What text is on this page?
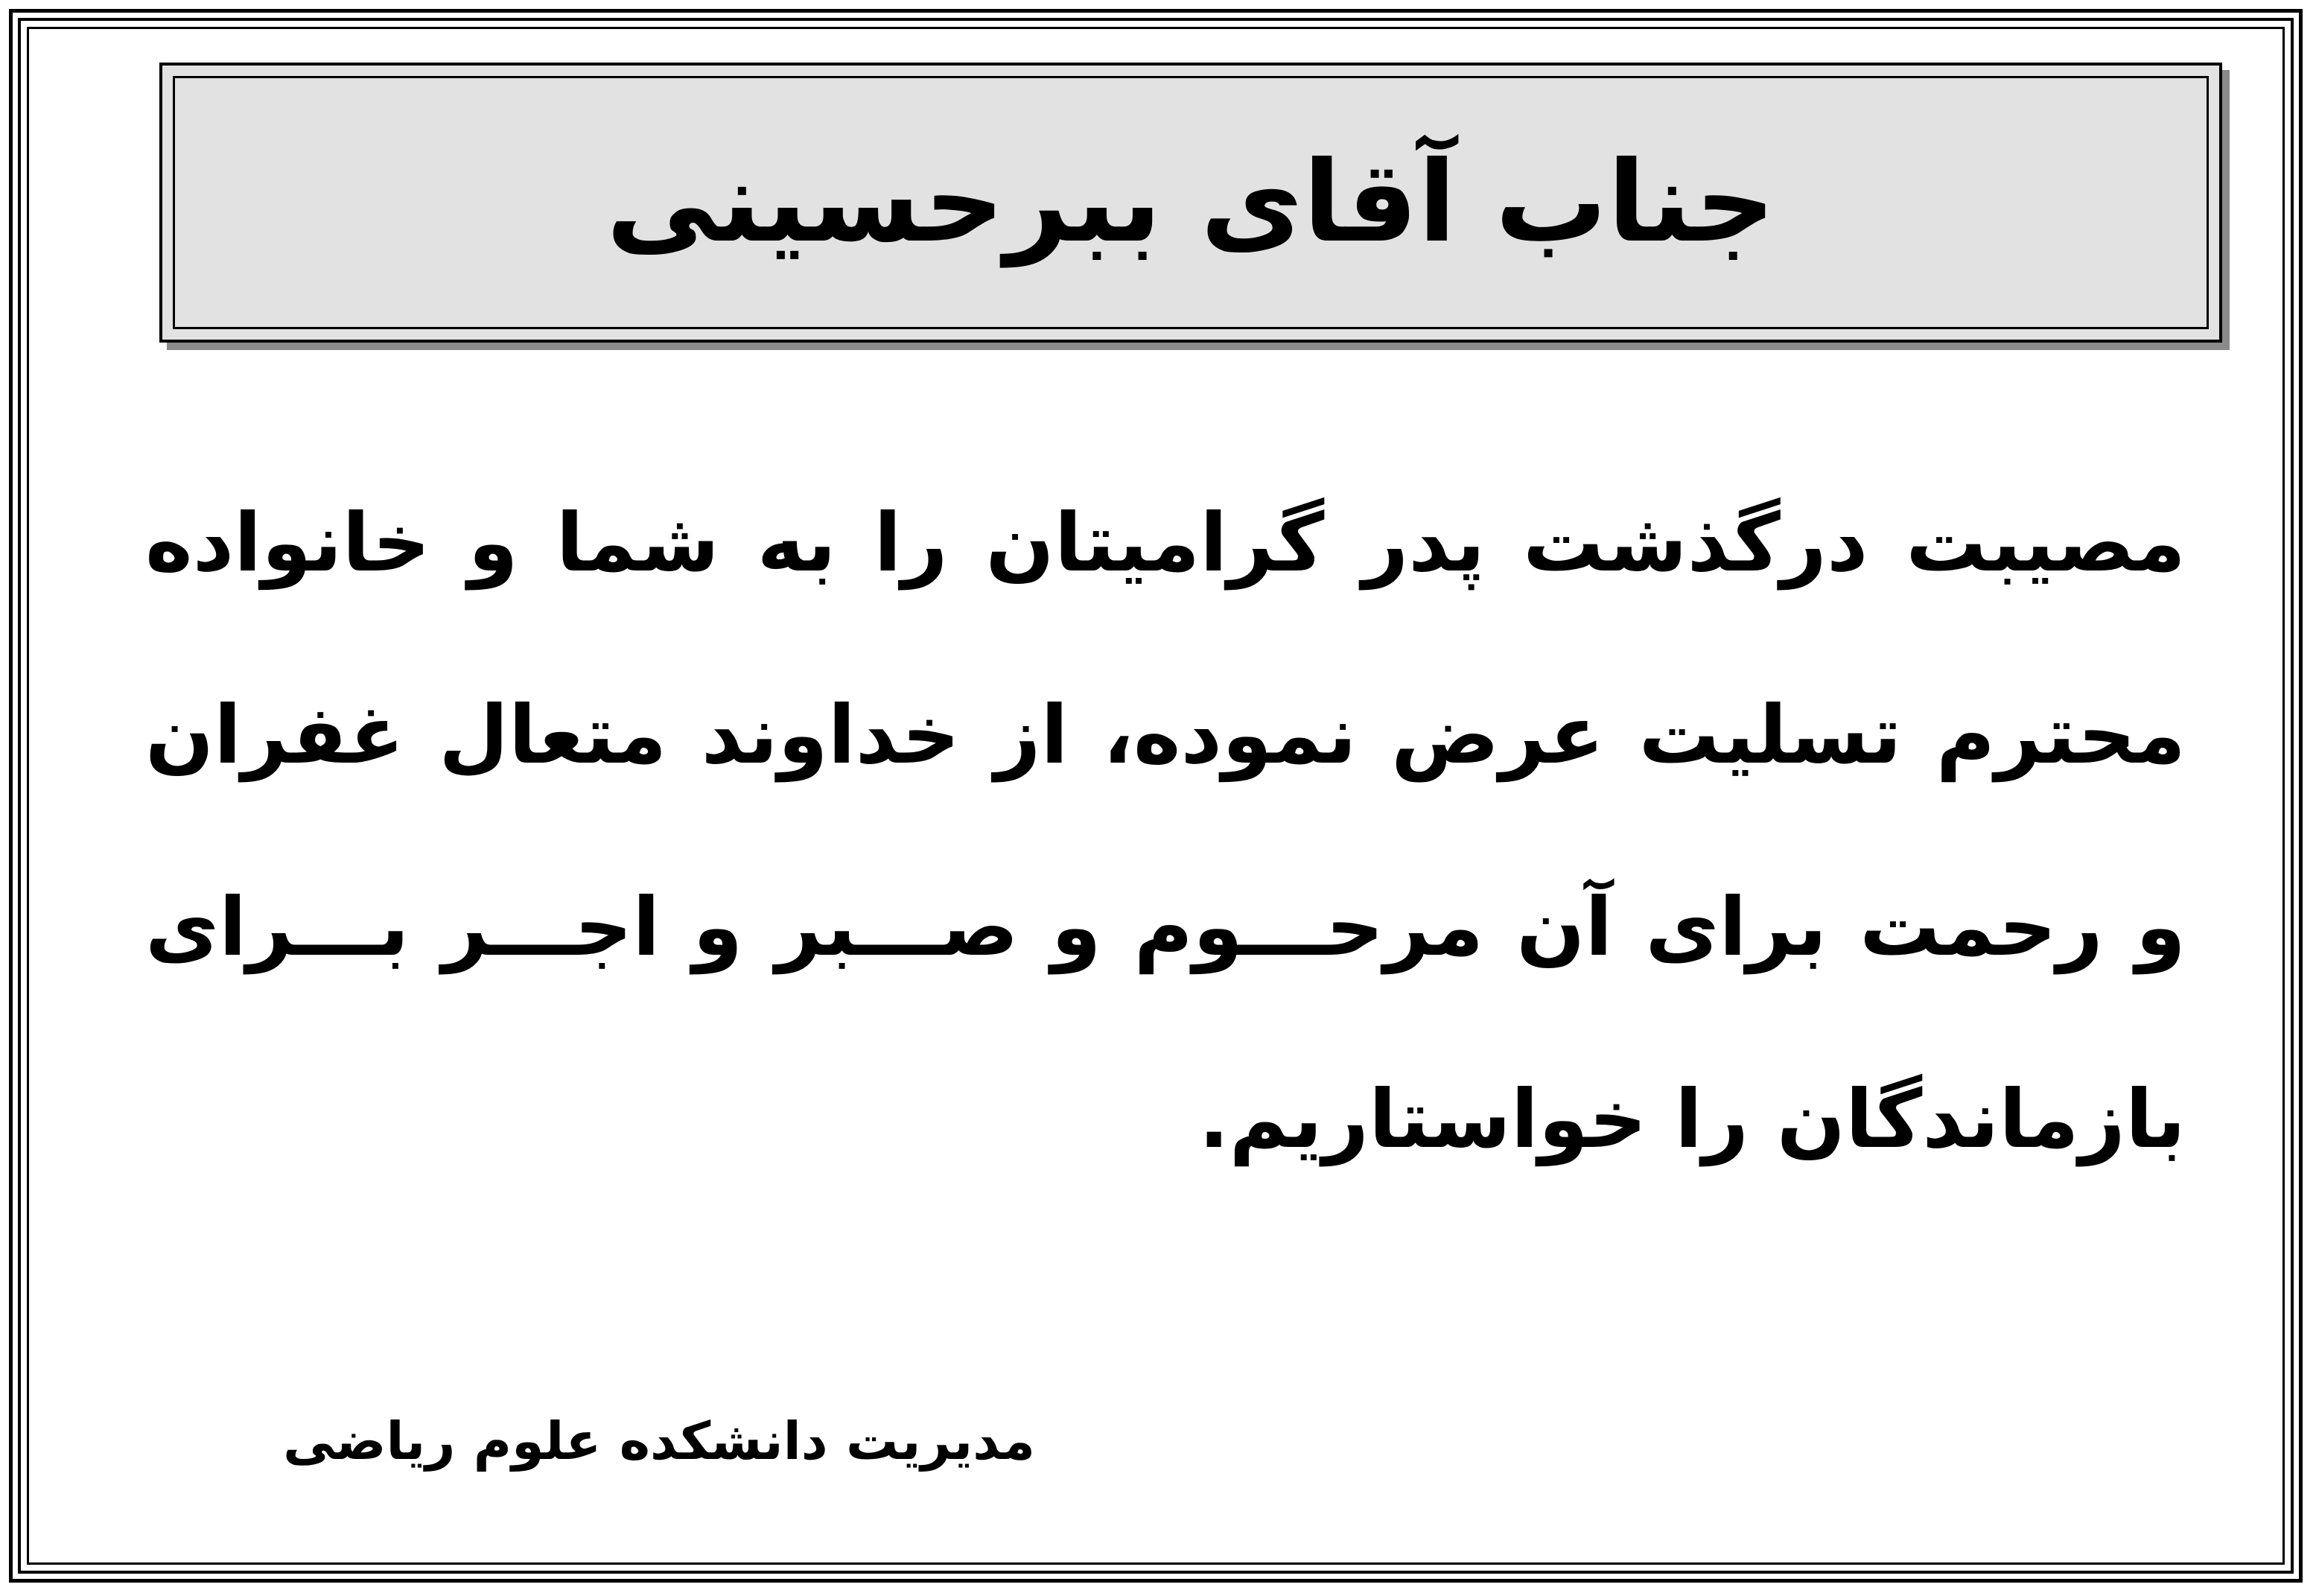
جناب آقای ببرحسینی
مصیبت درگذشت پدر گرامیتان را به شما و خانواده
محترم تسلیت عرض نموده، از خداوند متعال غفران
و رحمت برای آن مرحـــوم و صـــبر و اجـــر بـــرای
بازماندگان را خواستاریم.
مدیریت دانشکده علوم ریاضی
